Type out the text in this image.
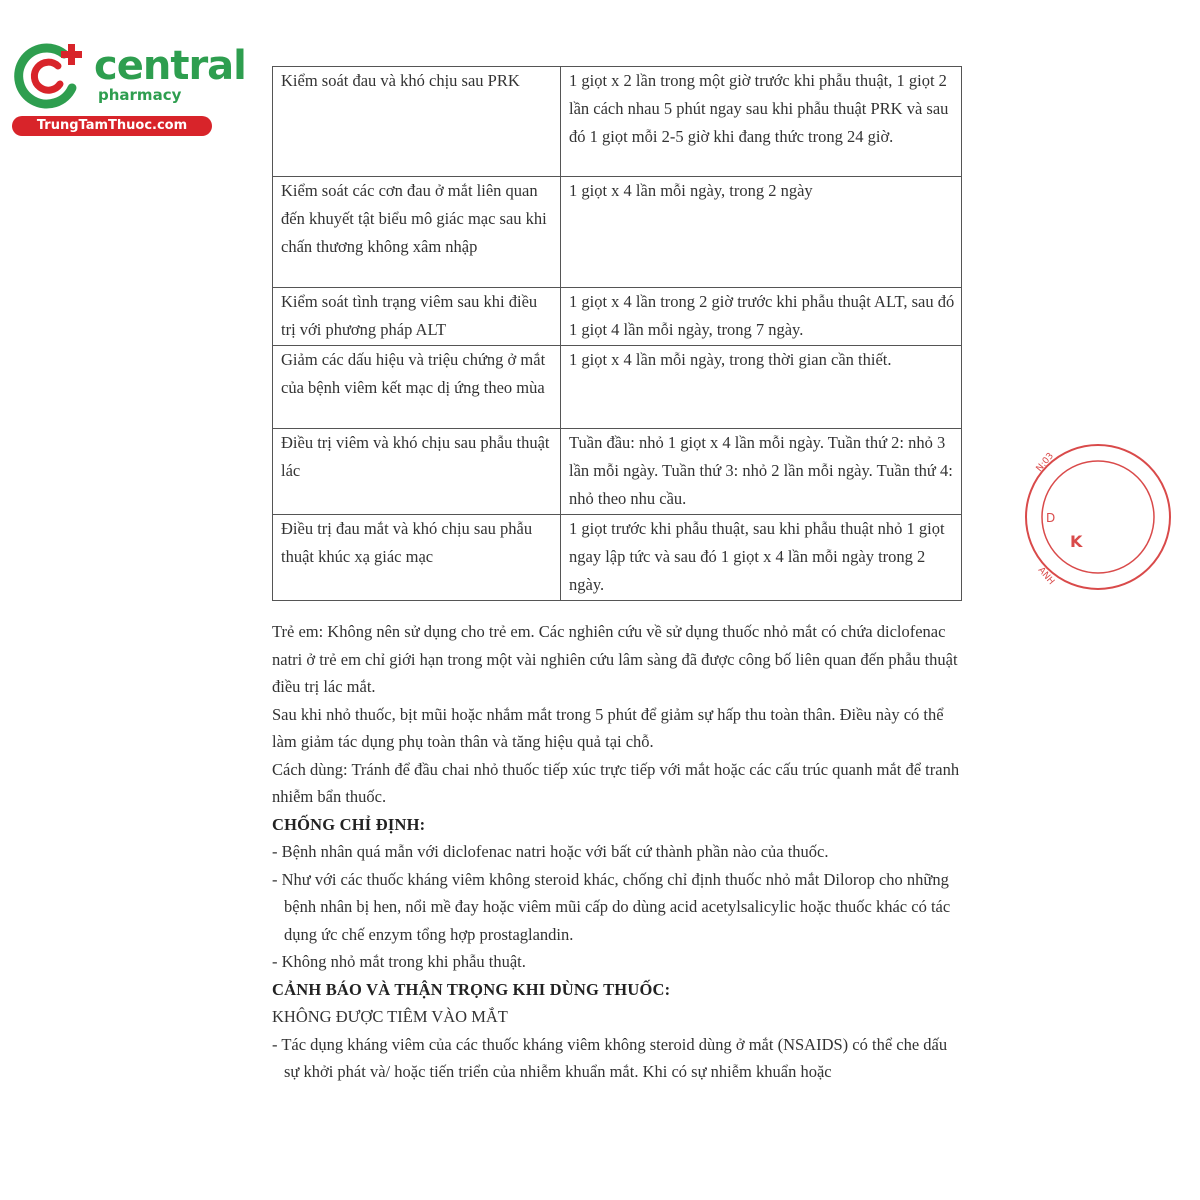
central
pharmacy
TrungTamThuoc.com
N:03
D
K
ANH
Kiểm soát đau và khó chịu sau PRK	1 giọt x 2 lần trong một giờ trước khi phẫu thuật, 1 giọt 2 lần cách nhau 5 phút ngay sau khi phẫu thuật PRK và sau đó 1 giọt mỗi 2-5 giờ khi đang thức trong 24 giờ.
Kiểm soát các cơn đau ở mắt liên quan đến khuyết tật biểu mô giác mạc sau khi chấn thương không xâm nhập	1 giọt x 4 lần mỗi ngày, trong 2 ngày
Kiểm soát tình trạng viêm sau khi điều trị với phương pháp ALT	1 giọt x 4 lần trong 2 giờ trước khi phẫu thuật ALT, sau đó 1 giọt 4 lần mỗi ngày, trong 7 ngày.
Giảm các dấu hiệu và triệu chứng ở mắt của bệnh viêm kết mạc dị ứng theo mùa	1 giọt x 4 lần mỗi ngày, trong thời gian cần thiết.
Điều trị viêm và khó chịu sau phẫu thuật lác	Tuần đầu: nhỏ 1 giọt x 4 lần mỗi ngày. Tuần thứ 2: nhỏ 3 lần mỗi ngày. Tuần thứ 3: nhỏ 2 lần mỗi ngày. Tuần thứ 4: nhỏ theo nhu cầu.
Điều trị đau mắt và khó chịu sau phẫu thuật khúc xạ giác mạc	1 giọt trước khi phẫu thuật, sau khi phẫu thuật nhỏ 1 giọt ngay lập tức và sau đó 1 giọt x 4 lần mỗi ngày trong 2 ngày.

Trẻ em: Không nên sử dụng cho trẻ em. Các nghiên cứu về sử dụng thuốc nhỏ mắt có chứa diclofenac natri ở trẻ em chỉ giới hạn trong một vài nghiên cứu lâm sàng đã được công bố liên quan đến phẫu thuật điều trị lác mắt.

Sau khi nhỏ thuốc, bịt mũi hoặc nhắm mắt trong 5 phút để giảm sự hấp thu toàn thân. Điều này có thể làm giảm tác dụng phụ toàn thân và tăng hiệu quả tại chỗ.

Cách dùng: Tránh để đầu chai nhỏ thuốc tiếp xúc trực tiếp với mắt hoặc các cấu trúc quanh mắt để tranh nhiễm bẩn thuốc.

CHỐNG CHỈ ĐỊNH:

- Bệnh nhân quá mẫn với diclofenac natri hoặc với bất cứ thành phần nào của thuốc.

- Như với các thuốc kháng viêm không steroid khác, chống chỉ định thuốc nhỏ mắt Dilorop cho những bệnh nhân bị hen, nổi mề đay hoặc viêm mũi cấp do dùng acid acetylsalicylic hoặc thuốc khác có tác dụng ức chế enzym tổng hợp prostaglandin.

- Không nhỏ mắt trong khi phẫu thuật.

CẢNH BÁO VÀ THẬN TRỌNG KHI DÙNG THUỐC:

KHÔNG ĐƯỢC TIÊM VÀO MẮT

- Tác dụng kháng viêm của các thuốc kháng viêm không steroid dùng ở mắt (NSAIDS) có thể che dấu sự khởi phát và/ hoặc tiến triển của nhiễm khuẩn mắt. Khi có sự nhiễm khuẩn hoặc
